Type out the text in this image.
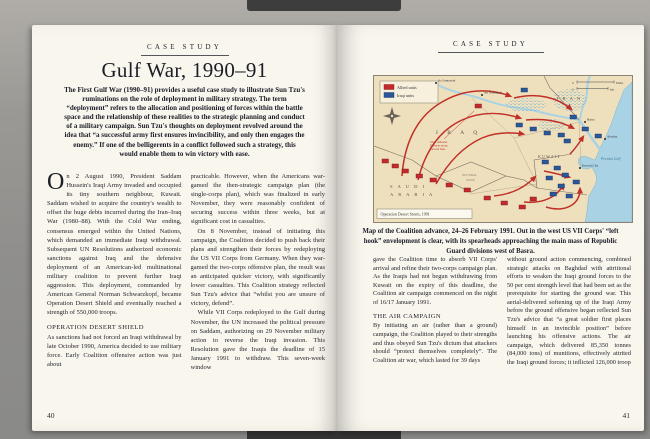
CASE STUDY
Gulf War, 1990–91

The First Gulf War (1990–91) provides a useful case study to illustrate Sun Tzu's ruminations on the role of deployment in military strategy. The term “deployment” refers to the allocation and positioning of forces within the battle space and the relationship of these realities to the strategic planning and conduct of a military campaign. Sun Tzu's thoughts on deployment revolved around the idea that “a successful army first ensures invincibility, and only then engages the enemy.” If one of the belligerents in a conflict followed such a strategy, this would enable them to win victory with ease.

On 2 August 1990, President Saddam Hussein's Iraqi Army invaded and occupied its tiny southern neighbour, Kuwait. Saddam wished to acquire the country's wealth to offset the huge debts incurred during the Iran–Iraq War (1980–88). With the Cold War ending, consensus emerged within the United Nations, which demanded an immediate Iraqi withdrawal. Subsequent UN Resolutions authorized economic sanctions against Iraq and the defensive deployment of an American-led multinational military coalition to prevent further Iraqi aggression. This deployment, commanded by American General Norman Schwarzkopf, became Operation Desert Shield and eventually reached a strength of 550,000 troops.

OPERATION DESERT SHIELD

As sanctions had not forced an Iraqi withdrawal by late October 1990, America decided to use military force. Early Coalition offensive action was just about

practicable. However, when the Americans war-gamed the then-strategic campaign plan (the single-corps plan), which was finalized in early November, they were reasonably confident of securing success within three weeks, but at significant cost in casualties.

On 8 November, instead of initiating this campaign, the Coalition decided to push back their plans and strengthen their forces by redeploying the US VII Corps from Germany. When they war-gamed the two-corps offensive plan, the result was an anticipated quicker victory, with significantly lower casualties. This Coalition strategy reflected Sun Tzu's advice that “whilst you are unsure of victory, defend”.

While VII Corps redeployed to the Gulf during November, the UN increased the political pressure on Saddam, authorizing on 29 November military action to reverse the Iraqi invasion. This Resolution gave the Iraqis the deadline of 15 January 1991 to withdraw. This seven-week window

40
CASE STUDY
Allied units
Iraqi units
0	Miles
0	km
I R A N
I R A Q
S A U D I
A R A B I A
KUWAIT
NEUTRAL
ZONE
Persian Gulf
As Samawah
An Nasiriyah
Basra
Abadan
Kuwait City
101st Airborne
Division set up
forward base
Operation Desert Storm, 1991

Map of the Coalition advance, 24–26 February 1991. Out in the west US VII Corps' “left hook” envelopment is clear, with its spearheads approaching the main mass of Republic Guard divisions west of Basra.

gave the Coalition time to absorb VII Corps' arrival and refine their two-corps campaign plan. As the Iraqis had not begun withdrawing from Kuwait on the expiry of this deadline, the Coalition air campaign commenced on the night of 16/17 January 1991.

THE AIR CAMPAIGN

By initiating an air (rather than a ground) campaign, the Coalition played to their strengths and thus obeyed Sun Tzu's dictum that attackers should “protect themselves completely”. The Coalition air war, which lasted for 39 days

without ground action commencing, combined strategic attacks on Baghdad with attritional efforts to weaken the Iraqi ground forces to the 50 per cent strength level that had been set as the prerequisite for starting the ground war. This aerial-delivered softening up of the Iraqi Army before the ground offensive began reflected Sun Tzu's advice that “a great soldier first places himself in an invincible position” before launching his offensive actions. The air campaign, which delivered 85,350 tonnes (84,000 tons) of munitions, effectively attrited the Iraqi ground forces; it inflicted 126,000 troop

41
